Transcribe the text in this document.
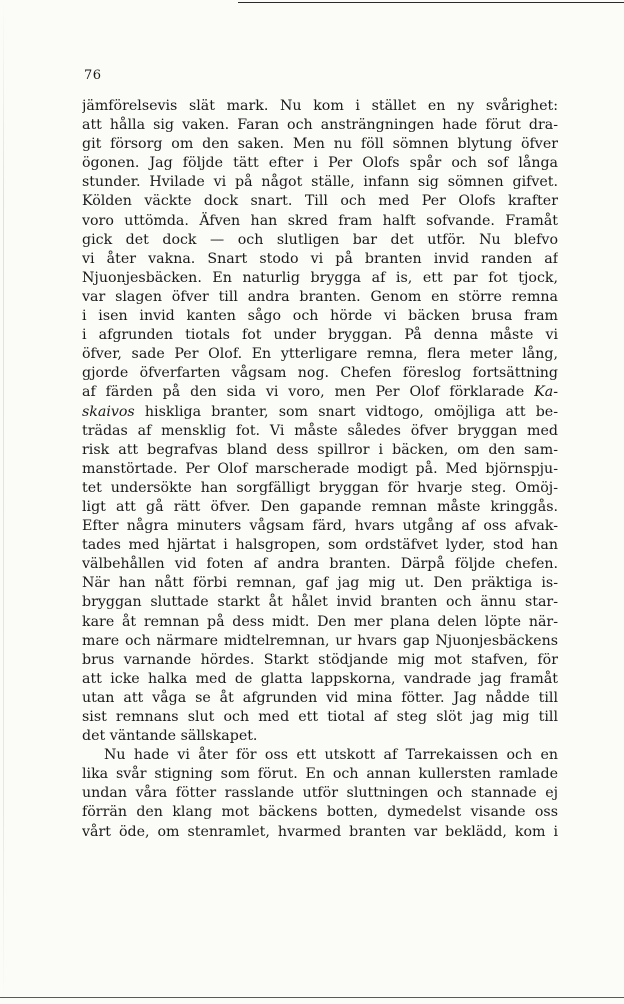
76
jämförelsevis slät mark. Nu kom i stället en ny svårighet:
att hålla sig vaken. Faran och ansträngningen hade förut dra-
git försorg om den saken. Men nu föll sömnen blytung öfver
ögonen. Jag följde tätt efter i Per Olofs spår och sof långa
stunder. Hvilade vi på något ställe, infann sig sömnen gifvet.
Kölden väckte dock snart. Till och med Per Olofs krafter
voro uttömda. Äfven han skred fram halft sofvande. Framåt
gick det dock — och slutligen bar det utför. Nu blefvo
vi åter vakna. Snart stodo vi på branten invid randen af
Njuonjesbäcken. En naturlig brygga af is, ett par fot tjock,
var slagen öfver till andra branten. Genom en större remna
i isen invid kanten sågo och hörde vi bäcken brusa fram
i afgrunden tiotals fot under bryggan. På denna måste vi
öfver, sade Per Olof. En ytterligare remna, flera meter lång,
gjorde öfverfarten vågsam nog. Chefen föreslog fortsättning
af färden på den sida vi voro, men Per Olof förklarade Ka-
skaivos hiskliga branter, som snart vidtogo, omöjliga att be-
trädas af mensklig fot. Vi måste således öfver bryggan med
risk att begrafvas bland dess spillror i bäcken, om den sam-
manstörtade. Per Olof marscherade modigt på. Med björnspju-
tet undersökte han sorgfälligt bryggan för hvarje steg. Omöj-
ligt att gå rätt öfver. Den gapande remnan måste kringgås.
Efter några minuters vågsam färd, hvars utgång af oss afvak-
tades med hjärtat i halsgropen, som ordstäfvet lyder, stod han
välbehållen vid foten af andra branten. Därpå följde chefen.
När han nått förbi remnan, gaf jag mig ut. Den präktiga is-
bryggan sluttade starkt åt hålet invid branten och ännu star-
kare åt remnan på dess midt. Den mer plana delen löpte när-
mare och närmare midtelremnan, ur hvars gap Njuonjesbäckens
brus varnande hördes. Starkt stödjande mig mot stafven, för
att icke halka med de glatta lappskorna, vandrade jag framåt
utan att våga se åt afgrunden vid mina fötter. Jag nådde till
sist remnans slut och med ett tiotal af steg slöt jag mig till
det väntande sällskapet.
Nu hade vi åter för oss ett utskott af Tarrekaissen och en
lika svår stigning som förut. En och annan kullersten ramlade
undan våra fötter rasslande utför sluttningen och stannade ej
förrän den klang mot bäckens botten, dymedelst visande oss
vårt öde, om stenramlet, hvarmed branten var beklädd, kom i
